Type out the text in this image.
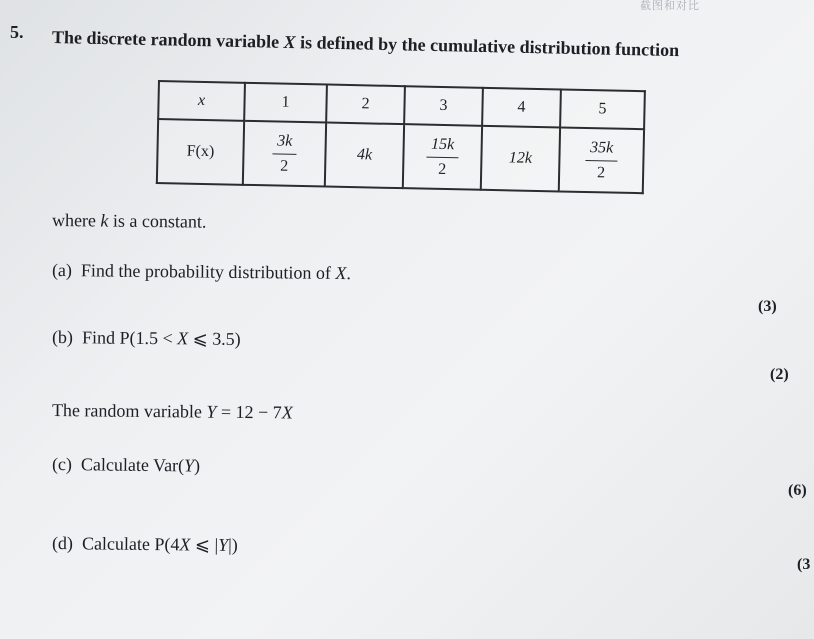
截图和对比
5. The discrete random variable X is defined by the cumulative distribution function
x	1	2	3	4	5
F(x)	$\frac{3k}{2}$	4k	$\frac{15k}{2}$	12k	$\frac{35k}{2}$
where k is a constant.
(a) Find the probability distribution of X.
(3)
(b) Find P(1.5 < X ⩽ 3.5)
(2)
The random variable Y = 12 − 7X
(c) Calculate Var(Y)
(6)
(d) Calculate P(4X ⩽ |Y|)
(3
